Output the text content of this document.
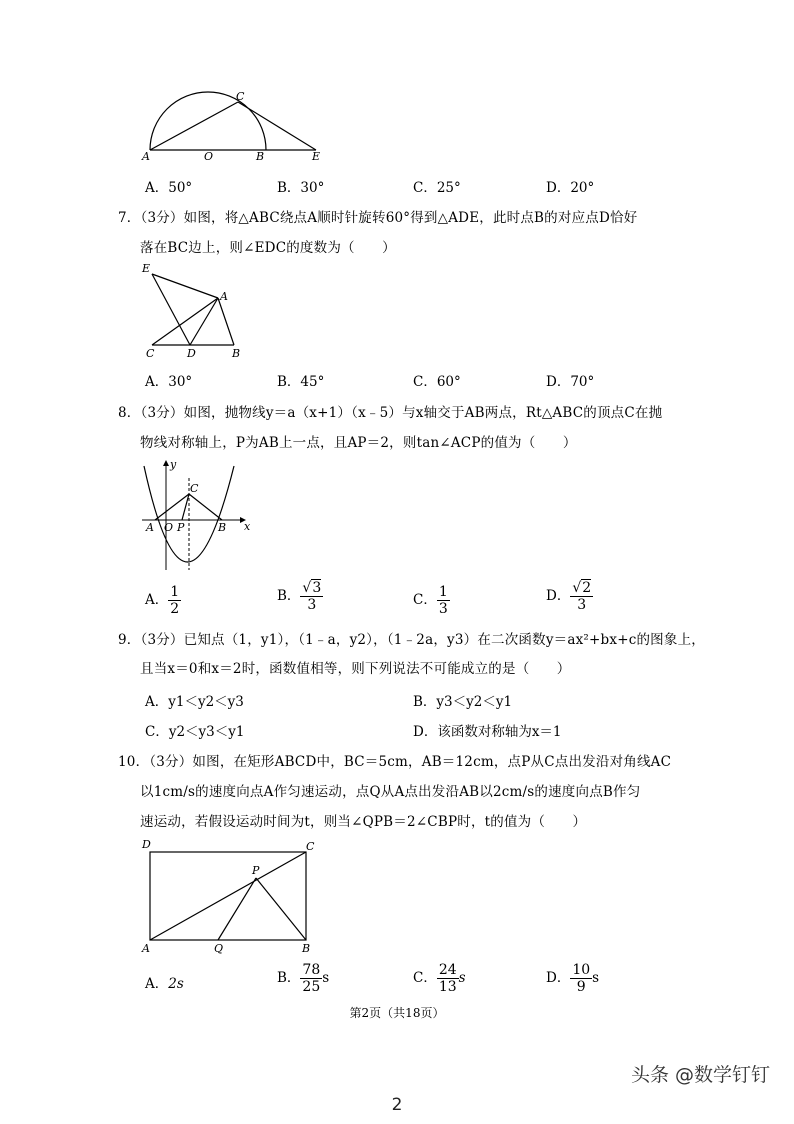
A	O	B	E
C
A．50°	B．30°	C．25°	D．20°
7．（3分）如图，将△ABC绕点A顺时针旋转60°得到△ADE，此时点B的对应点D恰好
落在BC边上，则∠EDC的度数为（　　）
E
A
C	D	B
A．30°	B．45°	C．60°	D．70°
8．（3分）如图，抛物线y＝a（x+1）（x﹣5）与x轴交于AB两点，Rt△ABC的顶点C在抛
物线对称轴上，P为AB上一点，且AP＝2，则tan∠ACP的值为（　　）
y
x
C
A O P	B
A． $\frac{1}{2}$	B． $\frac{√3}{3}$	C． $\frac{1}{3}$	D． $\frac{√2}{3}$
9．（3分）已知点（1，y1），（1﹣a，y2），（1﹣2a，y3）在二次函数y＝ax²+bx+c的图象上，
且当x＝0和x＝2时，函数值相等，则下列说法不可能成立的是（　　）
A．y1＜y2＜y3	B．y3＜y2＜y1
C．y2＜y3＜y1	D．该函数对称轴为x＝1
10．（3分）如图，在矩形ABCD中，BC＝5cm，AB＝12cm，点P从C点出发沿对角线AC
以1cm/s的速度向点A作匀速运动，点Q从A点出发沿AB以2cm/s的速度向点B作匀
速运动，若假设运动时间为t，则当∠QPB＝2∠CBP时，t的值为（　　）
D	C
P
A	Q	B
A．2s	B． $\frac{78}{25}$ s	C． $\frac{24}{13}$ s	D． $\frac{10}{9}$ s
第2页（共18页）
头条 @数学钉钉
2
